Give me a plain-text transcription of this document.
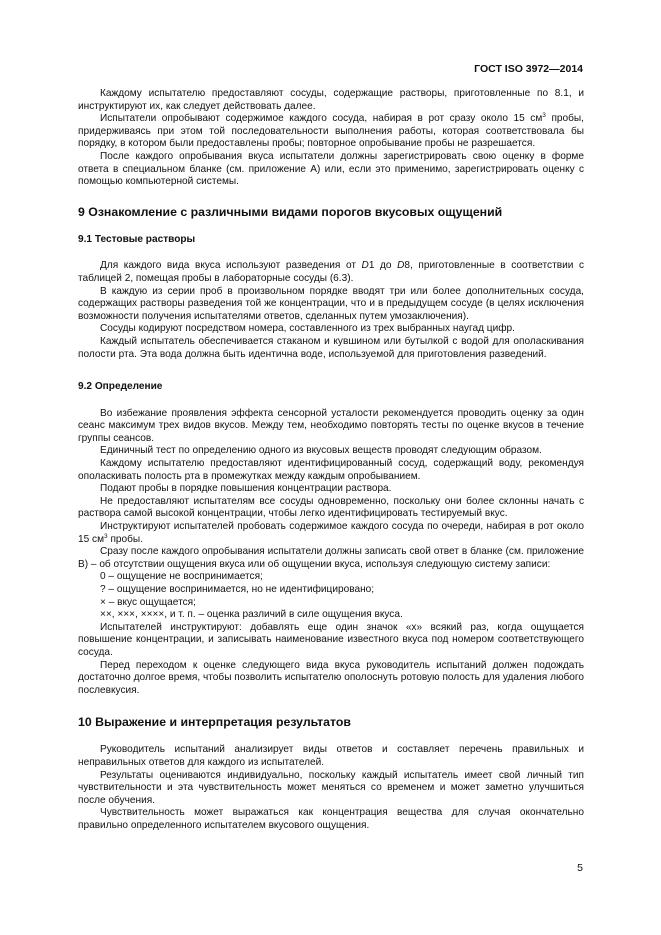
ГОСТ ISO 3972—2014

Каждому испытателю предоставляют сосуды, содержащие растворы, приготовленные по 8.1, и инструктируют их, как следует действовать далее.

Испытатели опробывают содержимое каждого сосуда, набирая в рот сразу около 15 $см^3$ пробы, придерживаясь при этом той последовательности выполнения работы, которая соответствовала бы порядку, в котором были предоставлены пробы; повторное опробывание пробы не разрешается.

После каждого опробывания вкуса испытатели должны зарегистрировать свою оценку в форме ответа в специальном бланке (см. приложение А) или, если это применимо, зарегистрировать оценку с помощью компьютерной системы.

9 Ознакомление с различными видами порогов вкусовых ощущений
9.1 Тестовые растворы

Для каждого вида вкуса используют разведения от D1 до D8, приготовленные в соответствии с таблицей 2, помещая пробы в лабораторные сосуды (6.3).

В каждую из серии проб в произвольном порядке вводят три или более дополнительных сосуда, содержащих растворы разведения той же концентрации, что и в предыдущем сосуде (в целях исключения возможности получения испытателями ответов, сделанных путем умозаключения).

Сосуды кодируют посредством номера, составленного из трех выбранных наугад цифр.

Каждый испытатель обеспечивается стаканом и кувшином или бутылкой с водой для ополаскивания полости рта. Эта вода должна быть идентична воде, используемой для приготовления разведений.

9.2 Определение

Во избежание проявления эффекта сенсорной усталости рекомендуется проводить оценку за один сеанс максимум трех видов вкусов. Между тем, необходимо повторять тесты по оценке вкусов в течение группы сеансов.

Единичный тест по определению одного из вкусовых веществ проводят следующим образом.

Каждому испытателю предоставляют идентифицированный сосуд, содержащий воду, рекомендуя ополаскивать полость рта в промежутках между каждым опробыванием.

Подают пробы в порядке повышения концентрации раствора.

Не предоставляют испытателям все сосуды одновременно, поскольку они более склонны начать с раствора самой высокой концентрации, чтобы легко идентифицировать тестируемый вкус.

Инструктируют испытателей пробовать содержимое каждого сосуда по очереди, набирая в рот около 15 $см^3$ пробы.

Сразу после каждого опробывания испытатели должны записать свой ответ в бланке (см. приложение В) – об отсутствии ощущения вкуса или об ощущении вкуса, используя следующую систему записи:

0 – ощущение не воспринимается;

? – ощущение воспринимается, но не идентифицировано;

× – вкус ощущается;

××, ×××, ××××, и т. п. – оценка различий в силе ощущения вкуса.

Испытателей инструктируют: добавлять еще один значок «х» всякий раз, когда ощущается повышение концентрации, и записывать наименование известного вкуса под номером соответствующего сосуда.

Перед переходом к оценке следующего вида вкуса руководитель испытаний должен подождать достаточно долгое время, чтобы позволить испытателю ополоснуть ротовую полость для удаления любого послевкусия.

10 Выражение и интерпретация результатов

Руководитель испытаний анализирует виды ответов и составляет перечень правильных и неправильных ответов для каждого из испытателей.

Результаты оцениваются индивидуально, поскольку каждый испытатель имеет свой личный тип чувствительности и эта чувствительность может меняться со временем и может заметно улучшиться после обучения.

Чувствительность может выражаться как концентрация вещества для случая окончательно правильно определенного испытателем вкусового ощущения.

5
